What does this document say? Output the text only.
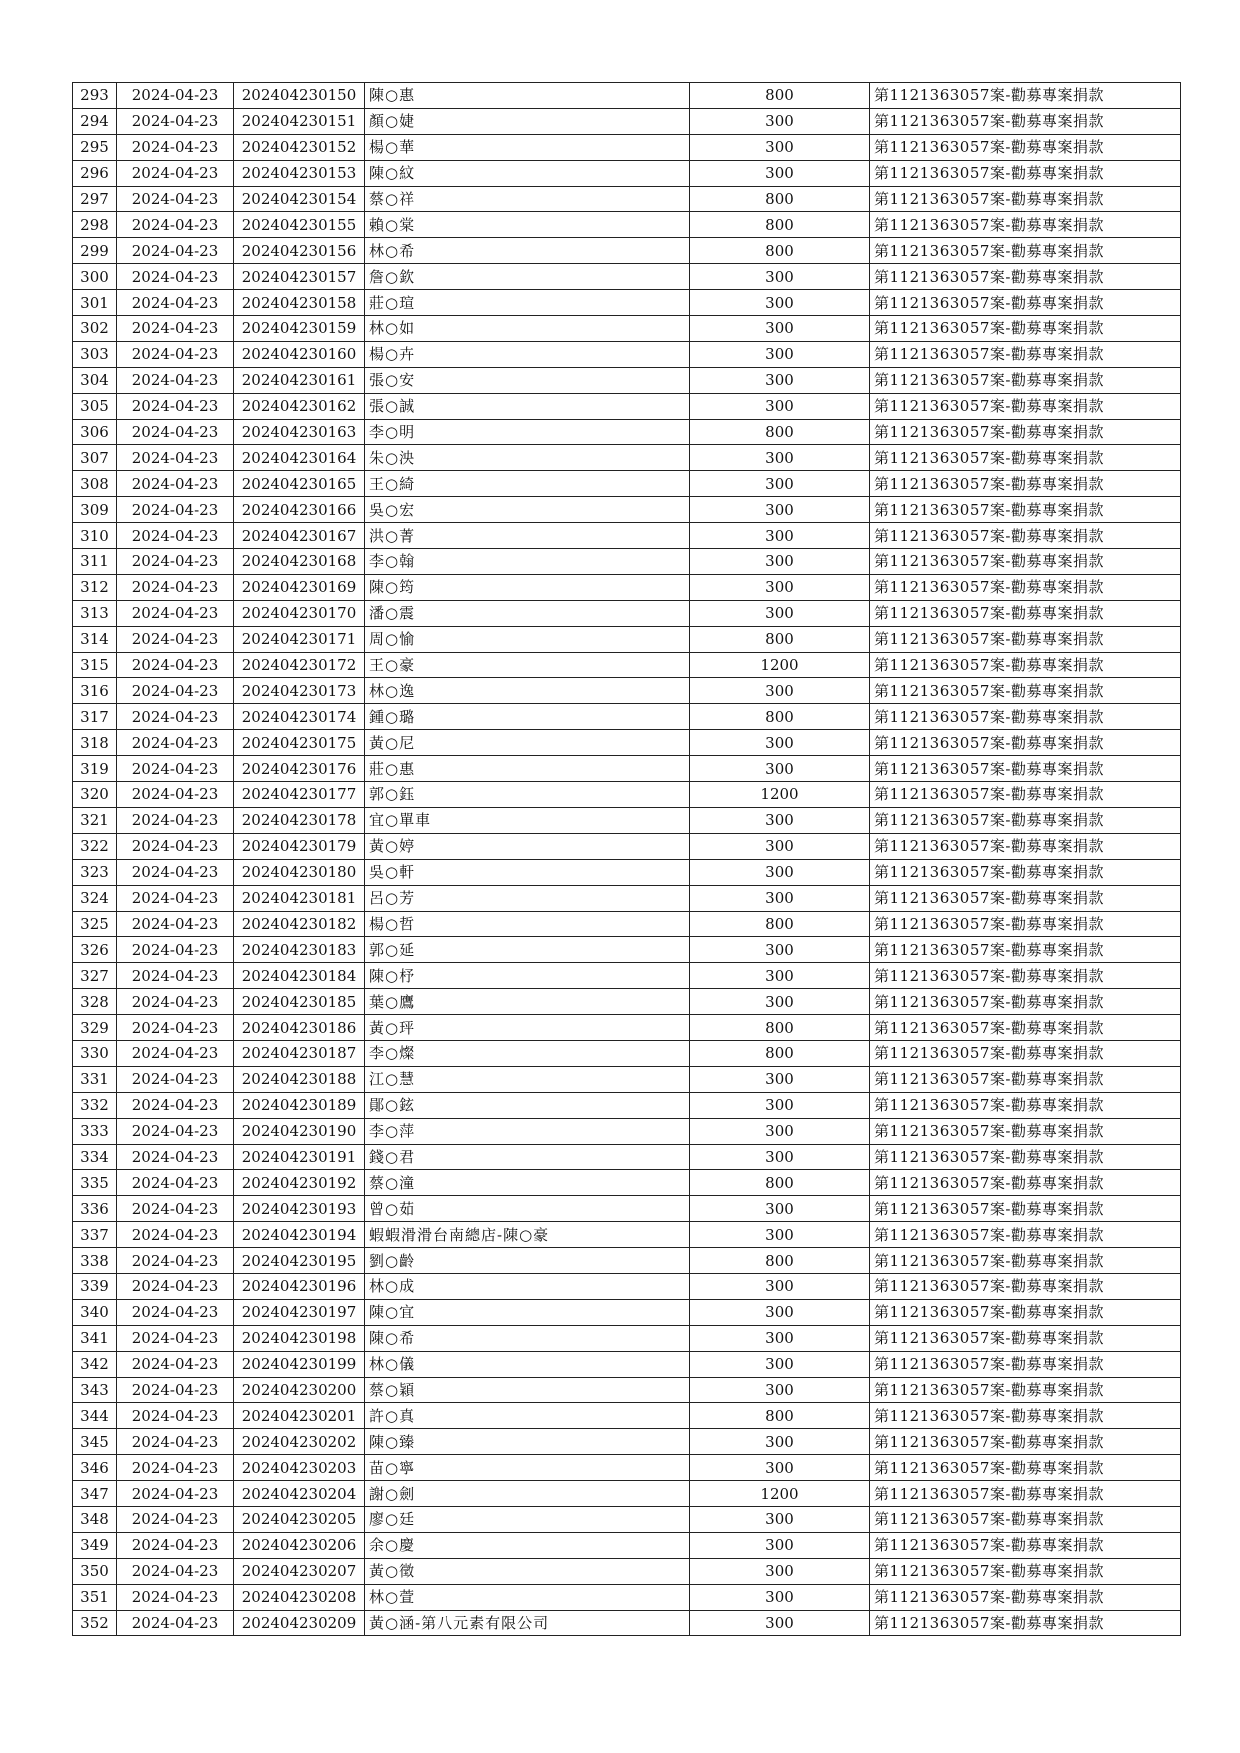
293	2024-04-23	202404230150	陳○惠	800	第1121363057案-勸募專案捐款
294	2024-04-23	202404230151	顏○婕	300	第1121363057案-勸募專案捐款
295	2024-04-23	202404230152	楊○華	300	第1121363057案-勸募專案捐款
296	2024-04-23	202404230153	陳○紋	300	第1121363057案-勸募專案捐款
297	2024-04-23	202404230154	蔡○祥	800	第1121363057案-勸募專案捐款
298	2024-04-23	202404230155	賴○棠	800	第1121363057案-勸募專案捐款
299	2024-04-23	202404230156	林○希	800	第1121363057案-勸募專案捐款
300	2024-04-23	202404230157	詹○欽	300	第1121363057案-勸募專案捐款
301	2024-04-23	202404230158	莊○瑄	300	第1121363057案-勸募專案捐款
302	2024-04-23	202404230159	林○如	300	第1121363057案-勸募專案捐款
303	2024-04-23	202404230160	楊○卉	300	第1121363057案-勸募專案捐款
304	2024-04-23	202404230161	張○安	300	第1121363057案-勸募專案捐款
305	2024-04-23	202404230162	張○誠	300	第1121363057案-勸募專案捐款
306	2024-04-23	202404230163	李○明	800	第1121363057案-勸募專案捐款
307	2024-04-23	202404230164	朱○泱	300	第1121363057案-勸募專案捐款
308	2024-04-23	202404230165	王○綺	300	第1121363057案-勸募專案捐款
309	2024-04-23	202404230166	吳○宏	300	第1121363057案-勸募專案捐款
310	2024-04-23	202404230167	洪○菁	300	第1121363057案-勸募專案捐款
311	2024-04-23	202404230168	李○翰	300	第1121363057案-勸募專案捐款
312	2024-04-23	202404230169	陳○筠	300	第1121363057案-勸募專案捐款
313	2024-04-23	202404230170	潘○震	300	第1121363057案-勸募專案捐款
314	2024-04-23	202404230171	周○愉	800	第1121363057案-勸募專案捐款
315	2024-04-23	202404230172	王○豪	1200	第1121363057案-勸募專案捐款
316	2024-04-23	202404230173	林○逸	300	第1121363057案-勸募專案捐款
317	2024-04-23	202404230174	鍾○璐	800	第1121363057案-勸募專案捐款
318	2024-04-23	202404230175	黃○尼	300	第1121363057案-勸募專案捐款
319	2024-04-23	202404230176	莊○惠	300	第1121363057案-勸募專案捐款
320	2024-04-23	202404230177	郭○鈺	1200	第1121363057案-勸募專案捐款
321	2024-04-23	202404230178	宜○單車	300	第1121363057案-勸募專案捐款
322	2024-04-23	202404230179	黃○婷	300	第1121363057案-勸募專案捐款
323	2024-04-23	202404230180	吳○軒	300	第1121363057案-勸募專案捐款
324	2024-04-23	202404230181	呂○芳	300	第1121363057案-勸募專案捐款
325	2024-04-23	202404230182	楊○哲	800	第1121363057案-勸募專案捐款
326	2024-04-23	202404230183	郭○延	300	第1121363057案-勸募專案捐款
327	2024-04-23	202404230184	陳○杼	300	第1121363057案-勸募專案捐款
328	2024-04-23	202404230185	葉○鷹	300	第1121363057案-勸募專案捐款
329	2024-04-23	202404230186	黃○玶	800	第1121363057案-勸募專案捐款
330	2024-04-23	202404230187	李○燦	800	第1121363057案-勸募專案捐款
331	2024-04-23	202404230188	江○慧	300	第1121363057案-勸募專案捐款
332	2024-04-23	202404230189	鄖○鉉	300	第1121363057案-勸募專案捐款
333	2024-04-23	202404230190	李○萍	300	第1121363057案-勸募專案捐款
334	2024-04-23	202404230191	錢○君	300	第1121363057案-勸募專案捐款
335	2024-04-23	202404230192	蔡○潼	800	第1121363057案-勸募專案捐款
336	2024-04-23	202404230193	曾○茹	300	第1121363057案-勸募專案捐款
337	2024-04-23	202404230194	蝦蝦滑滑台南總店-陳○豪	300	第1121363057案-勸募專案捐款
338	2024-04-23	202404230195	劉○齡	800	第1121363057案-勸募專案捐款
339	2024-04-23	202404230196	林○成	300	第1121363057案-勸募專案捐款
340	2024-04-23	202404230197	陳○宜	300	第1121363057案-勸募專案捐款
341	2024-04-23	202404230198	陳○希	300	第1121363057案-勸募專案捐款
342	2024-04-23	202404230199	林○儀	300	第1121363057案-勸募專案捐款
343	2024-04-23	202404230200	蔡○穎	300	第1121363057案-勸募專案捐款
344	2024-04-23	202404230201	許○真	800	第1121363057案-勸募專案捐款
345	2024-04-23	202404230202	陳○臻	300	第1121363057案-勸募專案捐款
346	2024-04-23	202404230203	苗○寧	300	第1121363057案-勸募專案捐款
347	2024-04-23	202404230204	謝○劍	1200	第1121363057案-勸募專案捐款
348	2024-04-23	202404230205	廖○廷	300	第1121363057案-勸募專案捐款
349	2024-04-23	202404230206	余○慶	300	第1121363057案-勸募專案捐款
350	2024-04-23	202404230207	黃○徵	300	第1121363057案-勸募專案捐款
351	2024-04-23	202404230208	林○萱	300	第1121363057案-勸募專案捐款
352	2024-04-23	202404230209	黃○涵-第八元素有限公司	300	第1121363057案-勸募專案捐款
